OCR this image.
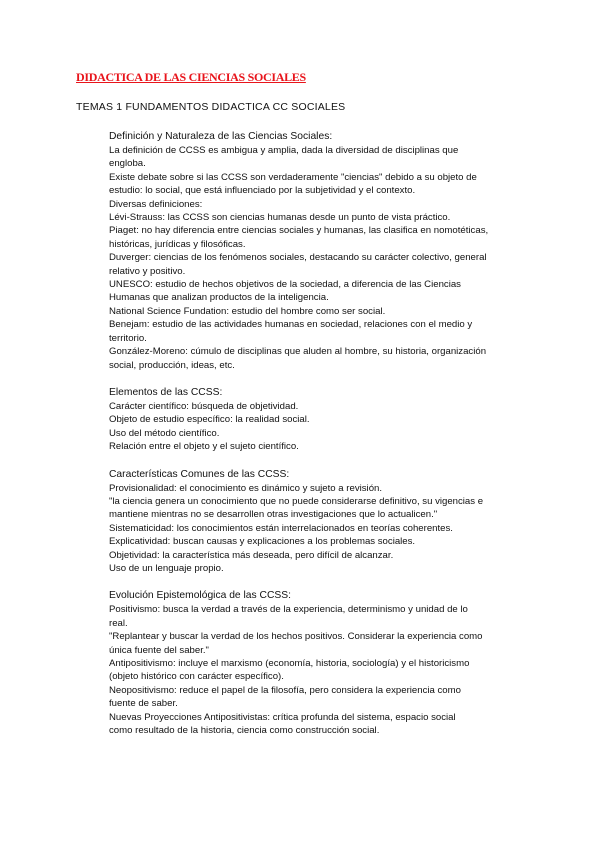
DIDACTICA DE LAS CIENCIAS SOCIALES
TEMAS 1 FUNDAMENTOS DIDACTICA CC SOCIALES
Definición y Naturaleza de las Ciencias Sociales:
La definición de CCSS es ambigua y amplia, dada la diversidad de disciplinas que
engloba.
Existe debate sobre si las CCSS son verdaderamente "ciencias" debido a su objeto de
estudio: lo social, que está influenciado por la subjetividad y el contexto.
Diversas definiciones:
Lévi-Strauss: las CCSS son ciencias humanas desde un punto de vista práctico.
Piaget: no hay diferencia entre ciencias sociales y humanas, las clasifica en nomotéticas,
históricas, jurídicas y filosóficas.
Duverger: ciencias de los fenómenos sociales, destacando su carácter colectivo, general
relativo y positivo.
UNESCO: estudio de hechos objetivos de la sociedad, a diferencia de las Ciencias
Humanas que analizan productos de la inteligencia.
National Science Fundation: estudio del hombre como ser social.
Benejam: estudio de las actividades humanas en sociedad, relaciones con el medio y
territorio.
González-Moreno: cúmulo de disciplinas que aluden al hombre, su historia, organización
social, producción, ideas, etc.
Elementos de las CCSS:
Carácter científico: búsqueda de objetividad.
Objeto de estudio específico: la realidad social.
Uso del método científico.
Relación entre el objeto y el sujeto científico.
Características Comunes de las CCSS:
Provisionalidad: el conocimiento es dinámico y sujeto a revisión.
"la ciencia genera un conocimiento que no puede considerarse definitivo, su vigencias e
mantiene mientras no se desarrollen otras investigaciones que lo actualicen."
Sistematicidad: los conocimientos están interrelacionados en teorías coherentes.
Explicatividad: buscan causas y explicaciones a los problemas sociales.
Objetividad: la característica más deseada, pero difícil de alcanzar.
Uso de un lenguaje propio.
Evolución Epistemológica de las CCSS:
Positivismo: busca la verdad a través de la experiencia, determinismo y unidad de lo
real.
"Replantear y buscar la verdad de los hechos positivos. Considerar la experiencia como
única fuente del saber."
Antipositivismo: incluye el marxismo (economía, historia, sociología) y el historicismo
(objeto histórico con carácter específico).
Neopositivismo: reduce el papel de la filosofía, pero considera la experiencia como
fuente de saber.
Nuevas Proyecciones Antipositivistas: crítica profunda del sistema, espacio social
como resultado de la historia, ciencia como construcción social.
